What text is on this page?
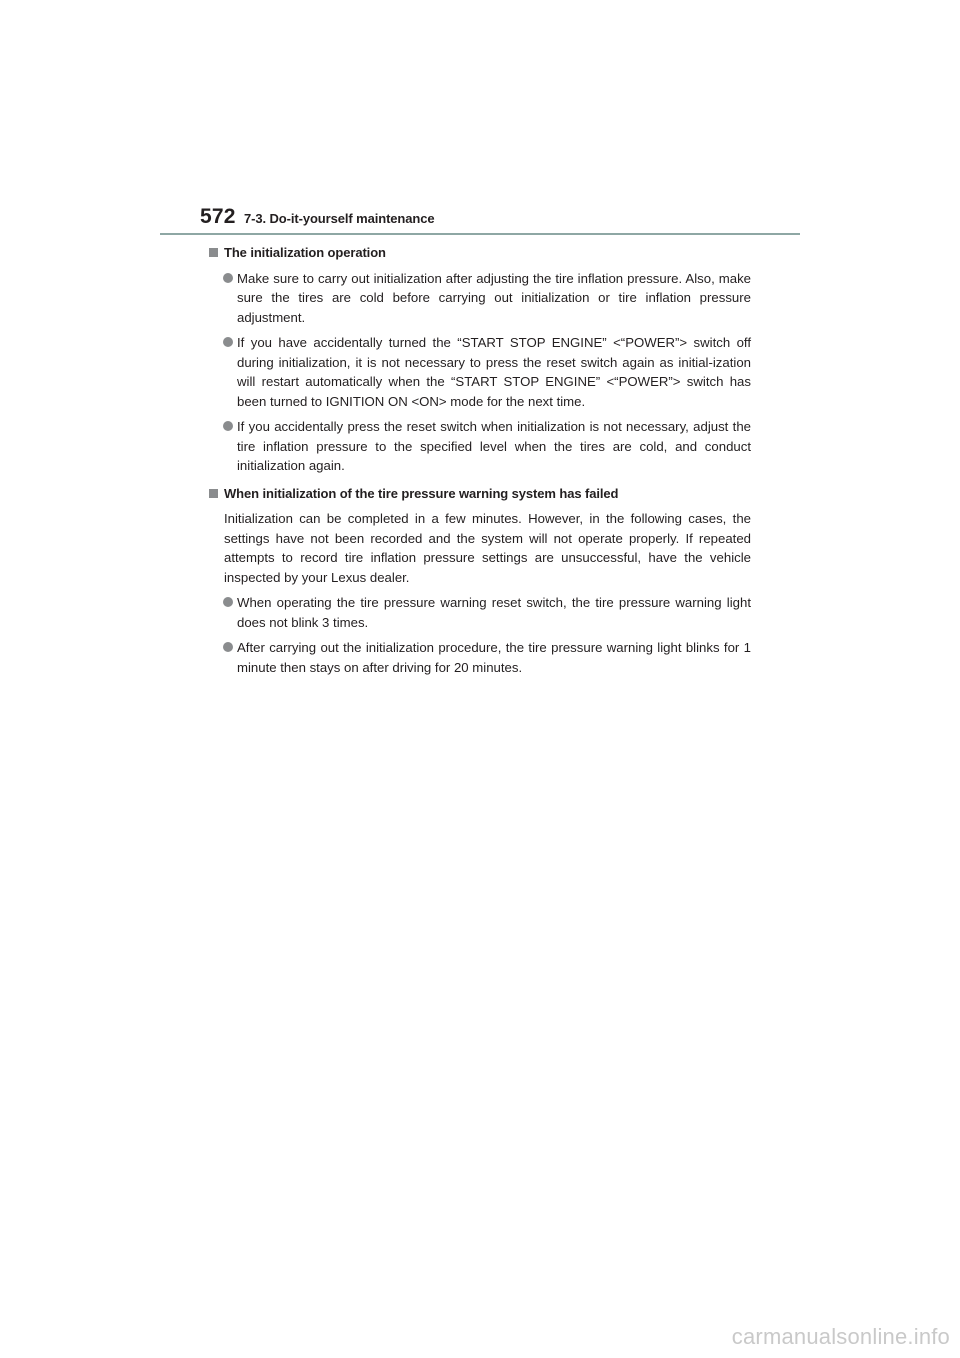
572 7-3. Do-it-yourself maintenance
The initialization operation
Make sure to carry out initialization after adjusting the tire inflation pressure. Also, make sure the tires are cold before carrying out initialization or tire inflation pressure adjustment.
If you have accidentally turned the “START STOP ENGINE” <“POWER”> switch off during initialization, it is not necessary to press the reset switch again as initial-ization will restart automatically when the “START STOP ENGINE” <“POWER”> switch has been turned to IGNITION ON <ON> mode for the next time.
If you accidentally press the reset switch when initialization is not necessary, adjust the tire inflation pressure to the specified level when the tires are cold, and conduct initialization again.
When initialization of the tire pressure warning system has failed
Initialization can be completed in a few minutes. However, in the following cases, the settings have not been recorded and the system will not operate properly. If repeated attempts to record tire inflation pressure settings are unsuccessful, have the vehicle inspected by your Lexus dealer.
When operating the tire pressure warning reset switch, the tire pressure warning light does not blink 3 times.
After carrying out the initialization procedure, the tire pressure warning light blinks for 1 minute then stays on after driving for 20 minutes.
carmanualsonline.info
